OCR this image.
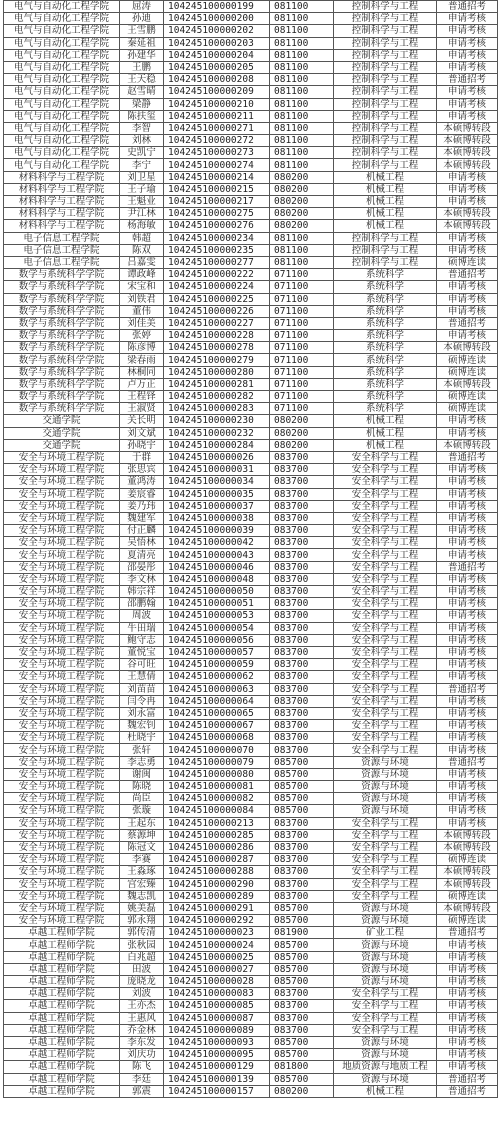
电气与自动化工程学院	屈涛	104245100000199	081100	控制科学与工程	普通招考
电气与自动化工程学院	孙迪	104245100000200	081100	控制科学与工程	申请考核
电气与自动化工程学院	王雪鹏	104245100000202	081100	控制科学与工程	申请考核
电气与自动化工程学院	秦延祖	104245100000203	081100	控制科学与工程	申请考核
电气与自动化工程学院	孙建华	104245100000204	081100	控制科学与工程	申请考核
电气与自动化工程学院	王鹏	104245100000205	081100	控制科学与工程	申请考核
电气与自动化工程学院	王天稳	104245100000208	081100	控制科学与工程	普通招考
电气与自动化工程学院	赵雪晴	104245100000209	081100	控制科学与工程	申请考核
电气与自动化工程学院	梁静	104245100000210	081100	控制科学与工程	申请考核
电气与自动化工程学院	陈扶玺	104245100000211	081100	控制科学与工程	申请考核
电气与自动化工程学院	李智	104245100000271	081100	控制科学与工程	本硕博转段
电气与自动化工程学院	刘林	104245100000272	081100	控制科学与工程	本硕博转段
电气与自动化工程学院	史凯宁	104245100000273	081100	控制科学与工程	本硕博转段
电气与自动化工程学院	李宁	104245100000274	081100	控制科学与工程	本硕博转段
材料科学与工程学院	刘卫星	104245100000214	080200	机械工程	申请考核
材料科学与工程学院	王子瑜	104245100000215	080200	机械工程	申请考核
材料科学与工程学院	王魁业	104245100000217	080200	机械工程	申请考核
材料科学与工程学院	尹江林	104245100000275	080200	机械工程	本硕博转段
材料科学与工程学院	杨海敏	104245100000276	080200	机械工程	本硕博转段
电子信息工程学院	韩超	104245100000234	081100	控制科学与工程	申请考核
电子信息工程学院	陈双	104245100000235	081100	控制科学与工程	申请考核
电子信息工程学院	吕嘉雯	104245100000277	081100	控制科学与工程	硕博连读
数学与系统科学学院	谭政峰	104245100000222	071100	系统科学	普通招考
数学与系统科学学院	宋宝和	104245100000224	071100	系统科学	申请考核
数学与系统科学学院	刘铁君	104245100000225	071100	系统科学	申请考核
数学与系统科学学院	董伟	104245100000226	071100	系统科学	申请考核
数学与系统科学学院	刘佳美	104245100000227	071100	系统科学	普通招考
数学与系统科学学院	张婷	104245100000228	071100	系统科学	申请考核
数学与系统科学学院	陈彦博	104245100000278	071100	系统科学	本硕博转段
数学与系统科学学院	梁春雨	104245100000279	071100	系统科学	硕博连读
数学与系统科学学院	林桐同	104245100000280	071100	系统科学	硕博连读
数学与系统科学学院	卢万正	104245100000281	071100	系统科学	本硕博转段
数学与系统科学学院	王程铎	104245100000282	071100	系统科学	硕博连读
数学与系统科学学院	王淑贤	104245100000283	071100	系统科学	硕博连读
交通学院	关长明	104245100000230	080200	机械工程	申请考核
交通学院	刘文斌	104245100000232	080200	机械工程	申请考核
交通学院	孙晓宇	104245100000284	080200	机械工程	本硕博转段
安全与环境工程学院	于群	104245100000026	083700	安全科学与工程	普通招考
安全与环境工程学院	张思宾	104245100000031	083700	安全科学与工程	申请考核
安全与环境工程学院	董鸿涛	104245100000034	083700	安全科学与工程	申请考核
安全与环境工程学院	姜宸睿	104245100000035	083700	安全科学与工程	申请考核
安全与环境工程学院	姜乃玮	104245100000037	083700	安全科学与工程	申请考核
安全与环境工程学院	魏建军	104245100000038	083700	安全科学与工程	申请考核
安全与环境工程学院	付正麟	104245100000039	083700	安全科学与工程	申请考核
安全与环境工程学院	吴悟林	104245100000042	083700	安全科学与工程	申请考核
安全与环境工程学院	夏清亮	104245100000043	083700	安全科学与工程	申请考核
安全与环境工程学院	邵晏彤	104245100000046	083700	安全科学与工程	普通招考
安全与环境工程学院	李文林	104245100000048	083700	安全科学与工程	申请考核
安全与环境工程学院	韩宗祥	104245100000050	083700	安全科学与工程	申请考核
安全与环境工程学院	邵鹏翰	104245100000051	083700	安全科学与工程	申请考核
安全与环境工程学院	周波	104245100000053	083700	安全科学与工程	申请考核
安全与环境工程学院	牛田瑞	104245100000054	083700	安全科学与工程	申请考核
安全与环境工程学院	鲍守志	104245100000056	083700	安全科学与工程	申请考核
安全与环境工程学院	董悦宝	104245100000057	083700	安全科学与工程	申请考核
安全与环境工程学院	谷可旺	104245100000059	083700	安全科学与工程	申请考核
安全与环境工程学院	王慧倩	104245100000062	083700	安全科学与工程	申请考核
安全与环境工程学院	刘苗苗	104245100000063	083700	安全科学与工程	普通招考
安全与环境工程学院	闫令冉	104245100000064	083700	安全科学与工程	申请考核
安全与环境工程学院	刘永富	104245100000065	083700	安全科学与工程	申请考核
安全与环境工程学院	魏宏钊	104245100000067	083700	安全科学与工程	申请考核
安全与环境工程学院	杜晓宇	104245100000068	083700	安全科学与工程	申请考核
安全与环境工程学院	张轩	104245100000070	083700	安全科学与工程	申请考核
安全与环境工程学院	李志勇	104245100000079	085700	资源与环境	普通招考
安全与环境工程学院	谢闽	104245100000080	085700	资源与环境	申请考核
安全与环境工程学院	陈晓	104245100000081	085700	资源与环境	申请考核
安全与环境工程学院	尚臣	104245100000082	085700	资源与环境	申请考核
安全与环境工程学院	张璇	104245100000084	085700	资源与环境	申请考核
安全与环境工程学院	王起东	104245100000213	083700	安全科学与工程	申请考核
安全与环境工程学院	蔡源坤	104245100000285	083700	安全科学与工程	本硕博转段
安全与环境工程学院	陈冠文	104245100000286	083700	安全科学与工程	本硕博转段
安全与环境工程学院	李赛	104245100000287	083700	安全科学与工程	硕博连读
安全与环境工程学院	王淼琢	104245100000288	083700	安全科学与工程	本硕博转段
安全与环境工程学院	宫宏臻	104245100000290	083700	安全科学与工程	本硕博转段
安全与环境工程学院	魏志凯	104245100000289	083700	安全科学与工程	硕博连读
安全与环境工程学院	姚美磊	104245100000291	085700	资源与环境	本硕博转段
安全与环境工程学院	郭永翔	104245100000292	085700	资源与环境	硕博连读
卓越工程师学院	郭传清	104245100000023	081900	矿业工程	普通招考
卓越工程师学院	张秋园	104245100000024	085700	资源与环境	申请考核
卓越工程师学院	白兆超	104245100000025	085700	资源与环境	申请考核
卓越工程师学院	田波	104245100000027	085700	资源与环境	申请考核
卓越工程师学院	庞晓龙	104245100000028	085700	资源与环境	申请考核
卓越工程师学院	刘波	104245100000083	083700	安全科学与工程	申请考核
卓越工程师学院	王亦杰	104245100000085	083700	安全科学与工程	申请考核
卓越工程师学院	王惠风	104245100000087	083700	安全科学与工程	申请考核
卓越工程师学院	乔金林	104245100000089	083700	安全科学与工程	申请考核
卓越工程师学院	李东发	104245100000093	085700	资源与环境	申请考核
卓越工程师学院	刘庆功	104245100000095	085700	资源与环境	申请考核
卓越工程师学院	陈飞	104245100000129	081800	地质资源与地质工程	申请考核
卓越工程师学院	李廷	104245100000139	085700	资源与环境	普通招考
卓越工程师学院	郭震	104245100000157	080200	机械工程	普通招考
